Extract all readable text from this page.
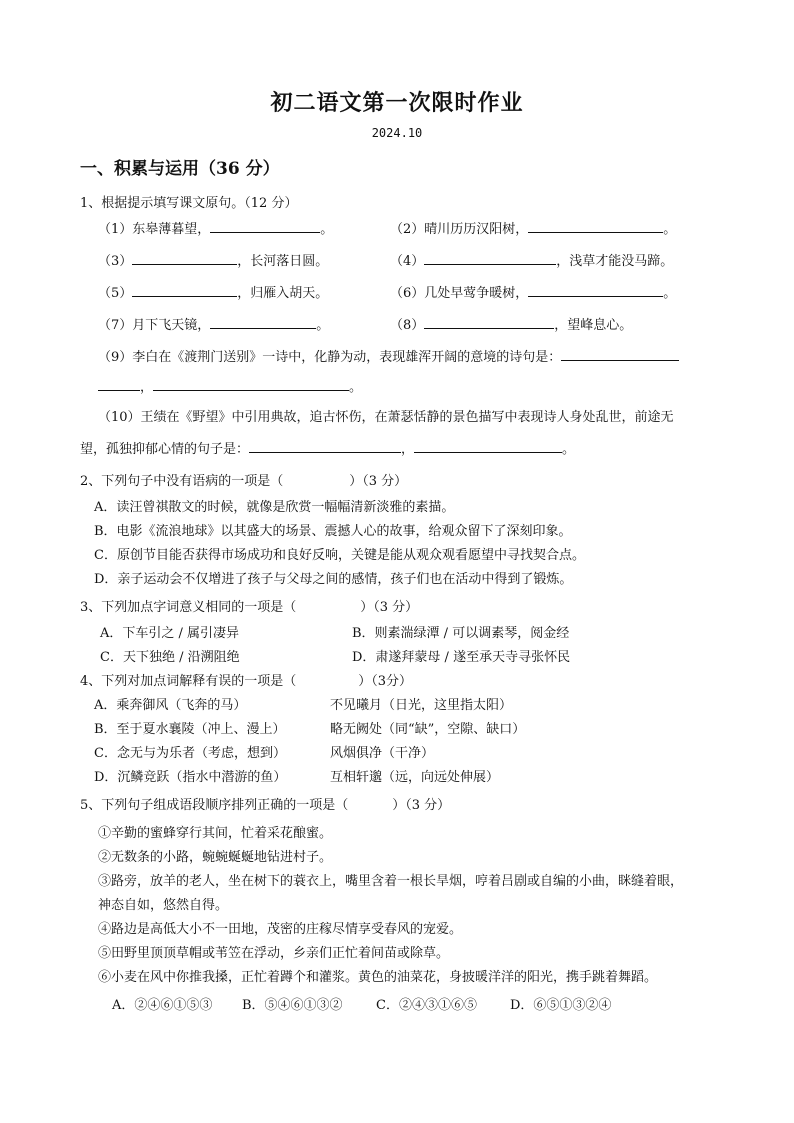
初二语文第一次限时作业
2024.10
一、积累与运用（36 分）
1、根据提示填写课文原句。（12 分）
（1）东皋薄暮望，	。	（2）晴川历历汉阳树，	。
（3）	，长河落日圆。	（4）	，浅草才能没马蹄。
（5）	，归雁入胡天。	（6）几处早莺争暖树，	。
（7）月下飞天镜，	。	（8）	，望峰息心。
（9）李白在《渡荆门送别》一诗中，化静为动，表现雄浑开阔的意境的诗句是：
，	。
（10）王绩在《野望》中引用典故，追古怀伤，在萧瑟恬静的景色描写中表现诗人身处乱世，前途无
望，孤独抑郁心情的句子是：	，	。
2、下列句子中没有语病的一项是（	）（3 分）
A．读汪曾祺散文的时候，就像是欣赏一幅幅清新淡雅的素描。
B．电影《流浪地球》以其盛大的场景、震撼人心的故事，给观众留下了深刻印象。
C．原创节目能否获得市场成功和良好反响，关键是能从观众观看愿望中寻找契合点。
D．亲子运动会不仅增进了孩子与父母之间的感情，孩子们也在活动中得到了锻炼。
3、下列加点字词意义相同的一项是（	）（3 分）
A．下车引之 / 属引凄异	B．则素湍绿潭 / 可以调素琴，阅金经
C．天下独绝 / 沿溯阻绝	D．肃遂拜蒙母 / 遂至承天寺寻张怀民
4、下列对加点词解释有误的一项是（	）（3分）
A．乘奔御风（飞奔的马）	不见曦月（日光，这里指太阳）
B．至于夏水襄陵（冲上、漫上）	略无阙处（同“缺”，空隙、缺口）
C．念无与为乐者（考虑，想到）	风烟俱净（干净）
D．沉鳞竞跃（指水中潜游的鱼）	互相轩邈（远，向远处伸展）
5、下列句子组成语段顺序排列正确的一项是（	）（3 分）
①辛勤的蜜蜂穿行其间，忙着采花酿蜜。
②无数条的小路，蜿蜿蜒蜒地钻进村子。
③路旁，放羊的老人，坐在树下的蓑衣上，嘴里含着一根长旱烟，哼着吕剧或自编的小曲，眯缝着眼，
神态自如，悠然自得。
④路边是高低大小不一田地，茂密的庄稼尽情享受春风的宠爱。
⑤田野里顶顶草帽或苇笠在浮动，乡亲们正忙着间苗或除草。
⑥小麦在风中你推我搡，正忙着蹲个和灌浆。黄色的油菜花，身披暖洋洋的阳光，携手跳着舞蹈。
A．②④⑥①⑤③ B．⑤④⑥①③②	C．②④③①⑥⑤	D．⑥⑤①③②④
